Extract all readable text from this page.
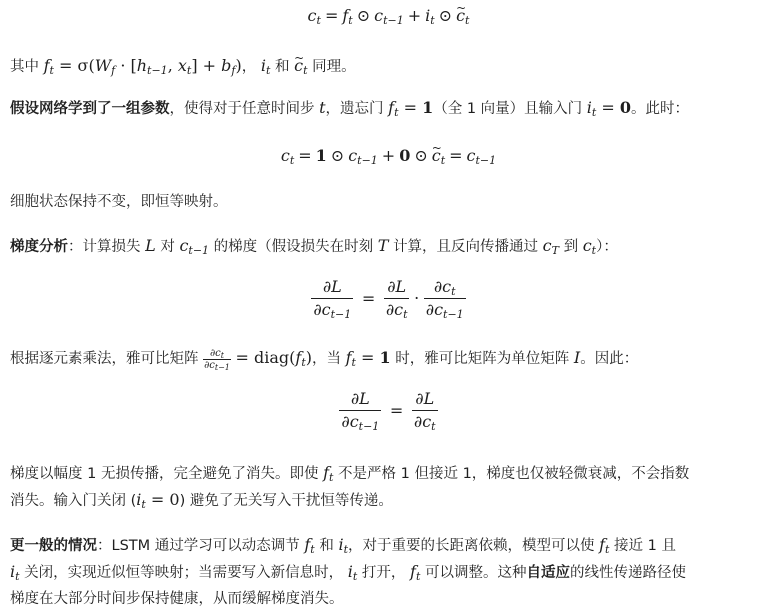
$c_t = f_t$ ⊙ $c_{t-1} + i_t$ ⊙ ~ $c_t$

其中 $f_t = \sigma(W_f \cdot [h_{t-1}$, $x_t] + b_f$)， $i_t$ 和 ~ $c_t$ 同理。

假设网络学到了一组参数，使得对于任意时间步 t，遗忘门 $f_t = 1$（全 1 向量）且输入门 $i_t = 0$。此时：

$c_t = 1$ ⊙ $c_{t-1} + 0$ ⊙ ~ $c_t = c_{t-1}$

细胞状态保持不变，即恒等映射。

梯度分析：计算损失 L 对 $c_{t-1}$ 的梯度（假设损失在时刻 T 计算，且反向传播通过 $c_T$ 到 $c_t$）：

$\frac{\partial L}{\partial c_{t-1}} = \frac{\partial L}{\partial c_t} \cdot \frac{\partial c_t}{\partial c_{t-1}}$

根据逐元素乘法，雅可比矩阵 $\frac{\partial c_t}{\partial c_{t-1}}$ = $diag(f_t)$，当 $f_t = 1$ 时，雅可比矩阵为单位矩阵 I。因此：

$\frac{\partial L}{\partial c_{t-1}} = \frac{\partial L}{\partial c_t}$
梯度以幅度 1 无损传播，完全避免了消失。即使 $f_t$ 不是严格 1 但接近 1，梯度也仅被轻微衰减，不会指数
消失。输入门关闭 $(i_t = 0)$ 避免了无关写入干扰恒等传递。
更一般的情况：LSTM 通过学习可以动态调节 $f_t$ 和 $i_t$，对于重要的长距离依赖，模型可以使 $f_t$ 接近 1 且
$i_t$ 关闭，实现近似恒等映射；当需要写入新信息时， $i_t$ 打开， $f_t$ 可以调整。这种自适应的线性传递路径使
梯度在大部分时间步保持健康，从而缓解梯度消失。
